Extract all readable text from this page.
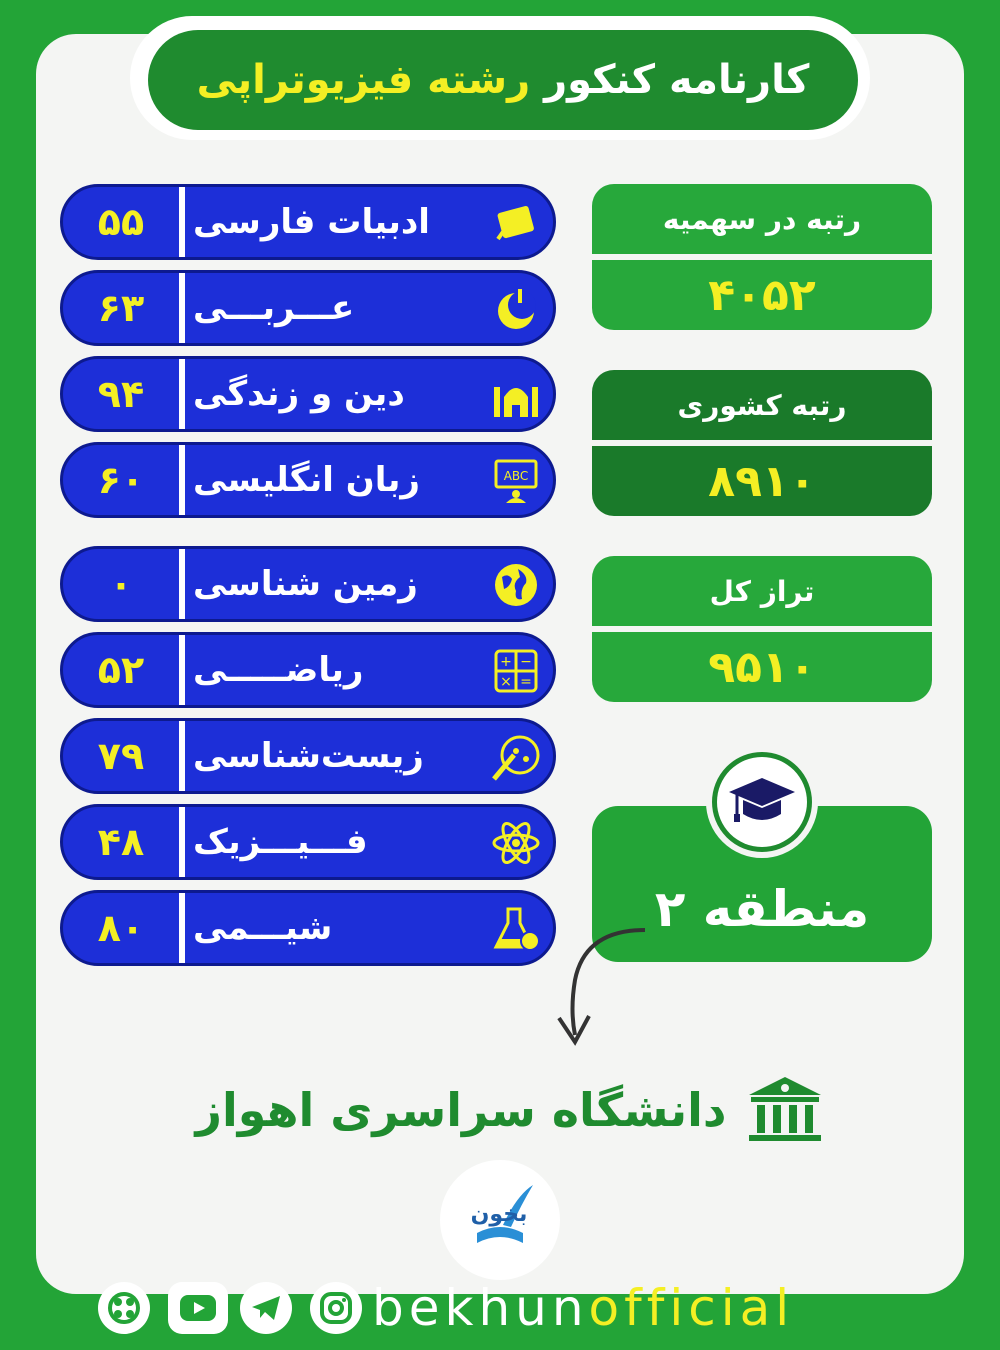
کارنامه کنکور
رشته فیزیوتراپی
۵۵	ادبیات فارسی
۶۳	عـــربـــی
۹۴	دین و زندگی
۶۰	زبان انگلیسی	ABC
۰	زمین شناسی
۵۲	ریاضـــــی	+ −
× =
۷۹	زیست‌شناسی
۴۸	فـــیـــزیک
۸۰	شیـــمی
رتبه در سهمیه
۴۰۵۲
رتبه کشوری
۸۹۱۰
تراز کل
۹۵۱۰
منطقه ۲
دانشگاه سراسری اهواز
بخون
bekhun official
